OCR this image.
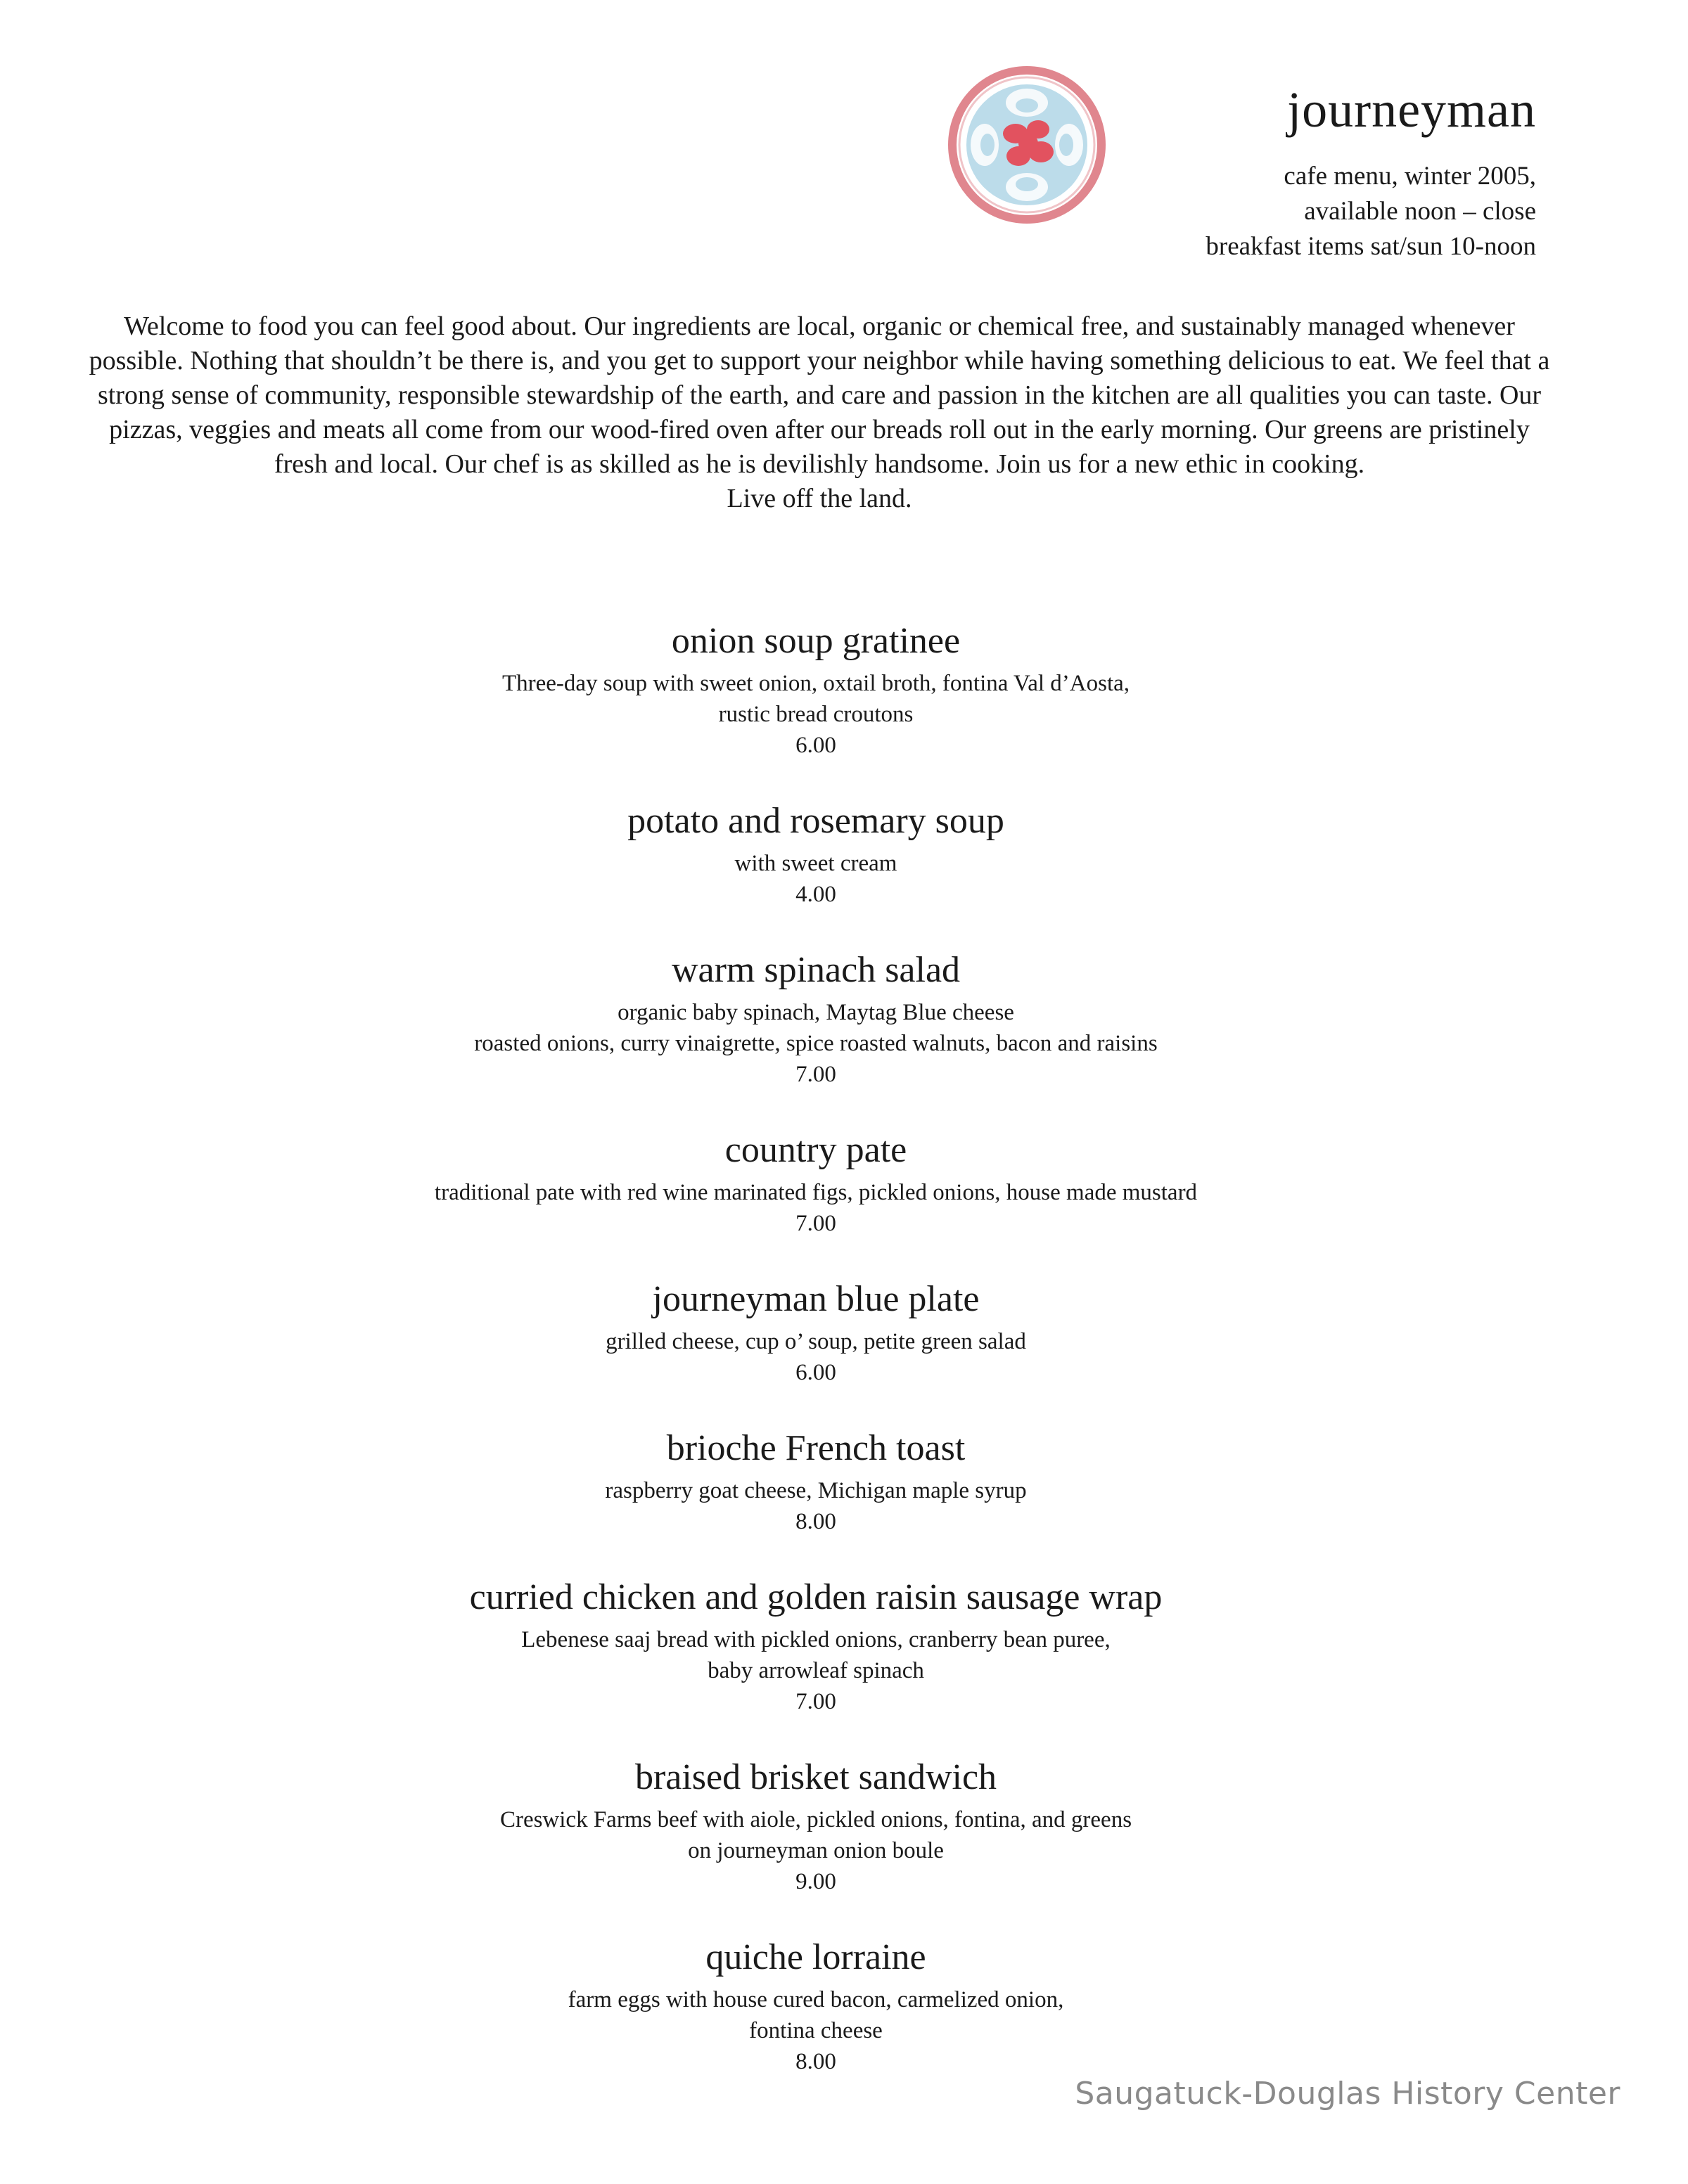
journeyman
cafe menu, winter 2005,
available noon – close
breakfast items sat/sun 10-noon

Welcome to food you can feel good about. Our ingredients are local, organic or chemical free, and sustainably managed whenever possible. Nothing that shouldn’t be there is, and you get to support your neighbor while having something delicious to eat. We feel that a strong sense of community, responsible stewardship of the earth, and care and passion in the kitchen are all qualities you can taste. Our pizzas, veggies and meats all come from our wood-fired oven after our breads roll out in the early morning. Our greens are pristinely fresh and local. Our chef is as skilled as he is devilishly handsome. Join us for a new ethic in cooking.

Live off the land.

onion soup gratinee
Three-day soup with sweet onion, oxtail broth, fontina Val d’Aosta,
rustic bread croutons
6.00
potato and rosemary soup
with sweet cream
4.00
warm spinach salad
organic baby spinach, Maytag Blue cheese
roasted onions, curry vinaigrette, spice roasted walnuts, bacon and raisins
7.00
country pate
traditional pate with red wine marinated figs, pickled onions, house made mustard
7.00
journeyman blue plate
grilled cheese, cup o’ soup, petite green salad
6.00
brioche French toast
raspberry goat cheese, Michigan maple syrup
8.00
curried chicken and golden raisin sausage wrap
Lebenese saaj bread with pickled onions, cranberry bean puree,
baby arrowleaf spinach
7.00
braised brisket sandwich
Creswick Farms beef with aiole, pickled onions, fontina, and greens
on journeyman onion boule
9.00
quiche lorraine
farm eggs with house cured bacon, carmelized onion,
fontina cheese
8.00
Saugatuck-Douglas History Center
